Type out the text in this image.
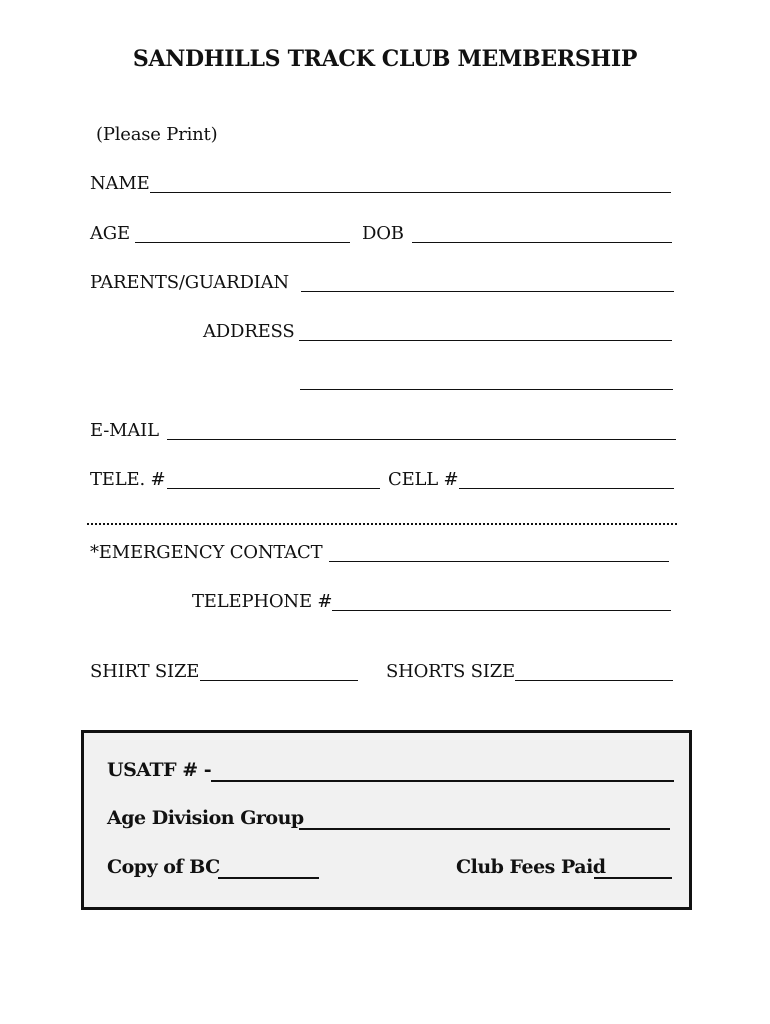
SANDHILLS TRACK CLUB MEMBERSHIP
(Please Print)
NAME
AGE	DOB
PARENTS/GUARDIAN
ADDRESS
E-MAIL
TELE. #	CELL #
*EMERGENCY CONTACT
TELEPHONE #
SHIRT SIZE	SHORTS SIZE
USATF # -
Age Division Group
Copy of BC	Club Fees Paid
